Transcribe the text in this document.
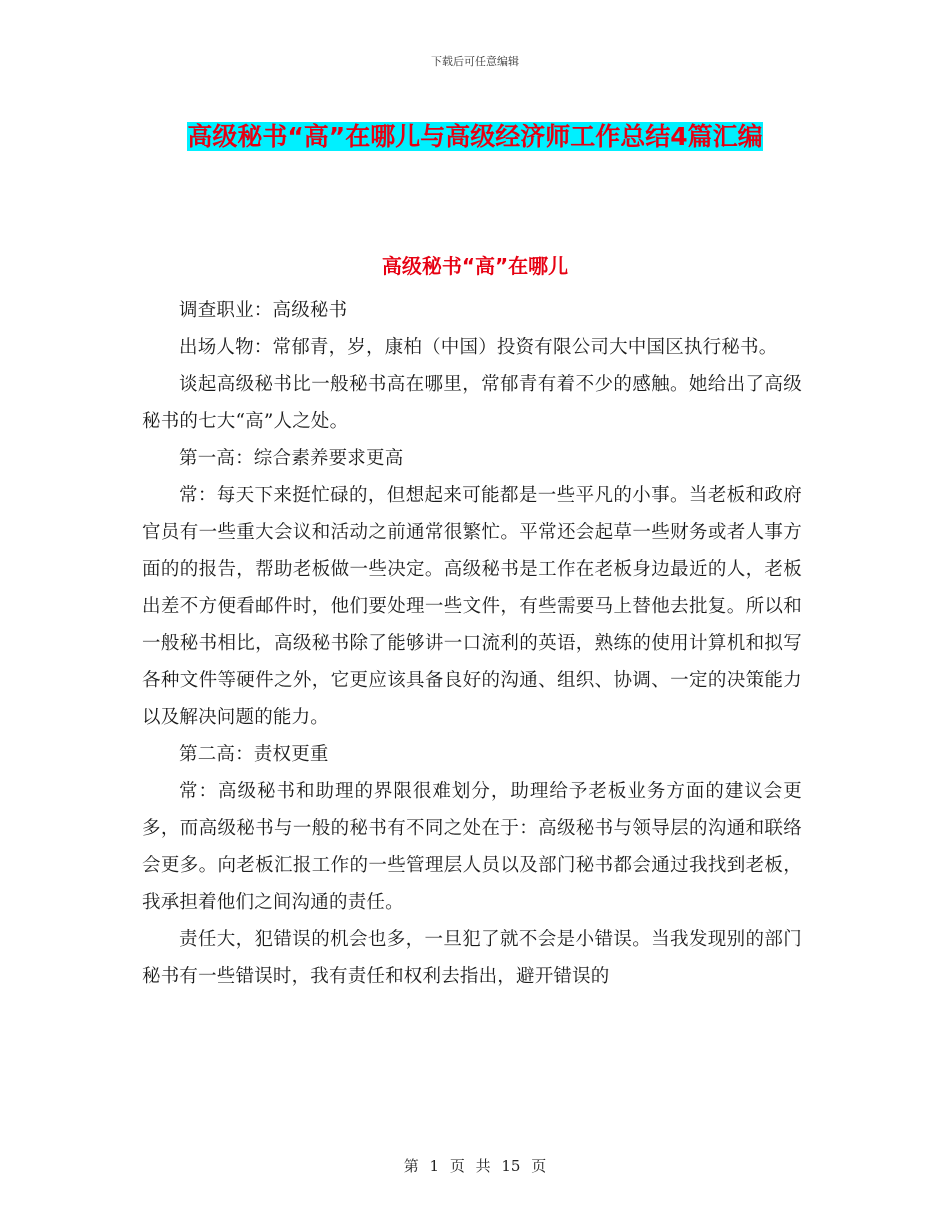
下载后可任意编辑
高级秘书“高”在哪儿与高级经济师工作总结4篇汇编
高级秘书“高”在哪儿

调查职业：高级秘书

出场人物：常郁青，岁，康柏（中国）投资有限公司大中国区执行秘书。

谈起高级秘书比一般秘书高在哪里，常郁青有着不少的感触。她给出了高级秘书的七大“高”人之处。

第一高：综合素养要求更高

常：每天下来挺忙碌的，但想起来可能都是一些平凡的小事。当老板和政府官员有一些重大会议和活动之前通常很繁忙。平常还会起草一些财务或者人事方面的的报告，帮助老板做一些决定。高级秘书是工作在老板身边最近的人，老板出差不方便看邮件时，他们要处理一些文件，有些需要马上替他去批复。所以和一般秘书相比，高级秘书除了能够讲一口流利的英语，熟练的使用计算机和拟写各种文件等硬件之外，它更应该具备良好的沟通、组织、协调、一定的决策能力以及解决问题的能力。

第二高：责权更重

常：高级秘书和助理的界限很难划分，助理给予老板业务方面的建议会更多，而高级秘书与一般的秘书有不同之处在于：高级秘书与领导层的沟通和联络会更多。向老板汇报工作的一些管理层人员以及部门秘书都会通过我找到老板，我承担着他们之间沟通的责任。

责任大，犯错误的机会也多，一旦犯了就不会是小错误。当我发现别的部门秘书有一些错误时，我有责任和权利去指出，避开错误的

第 1 页 共 15 页
